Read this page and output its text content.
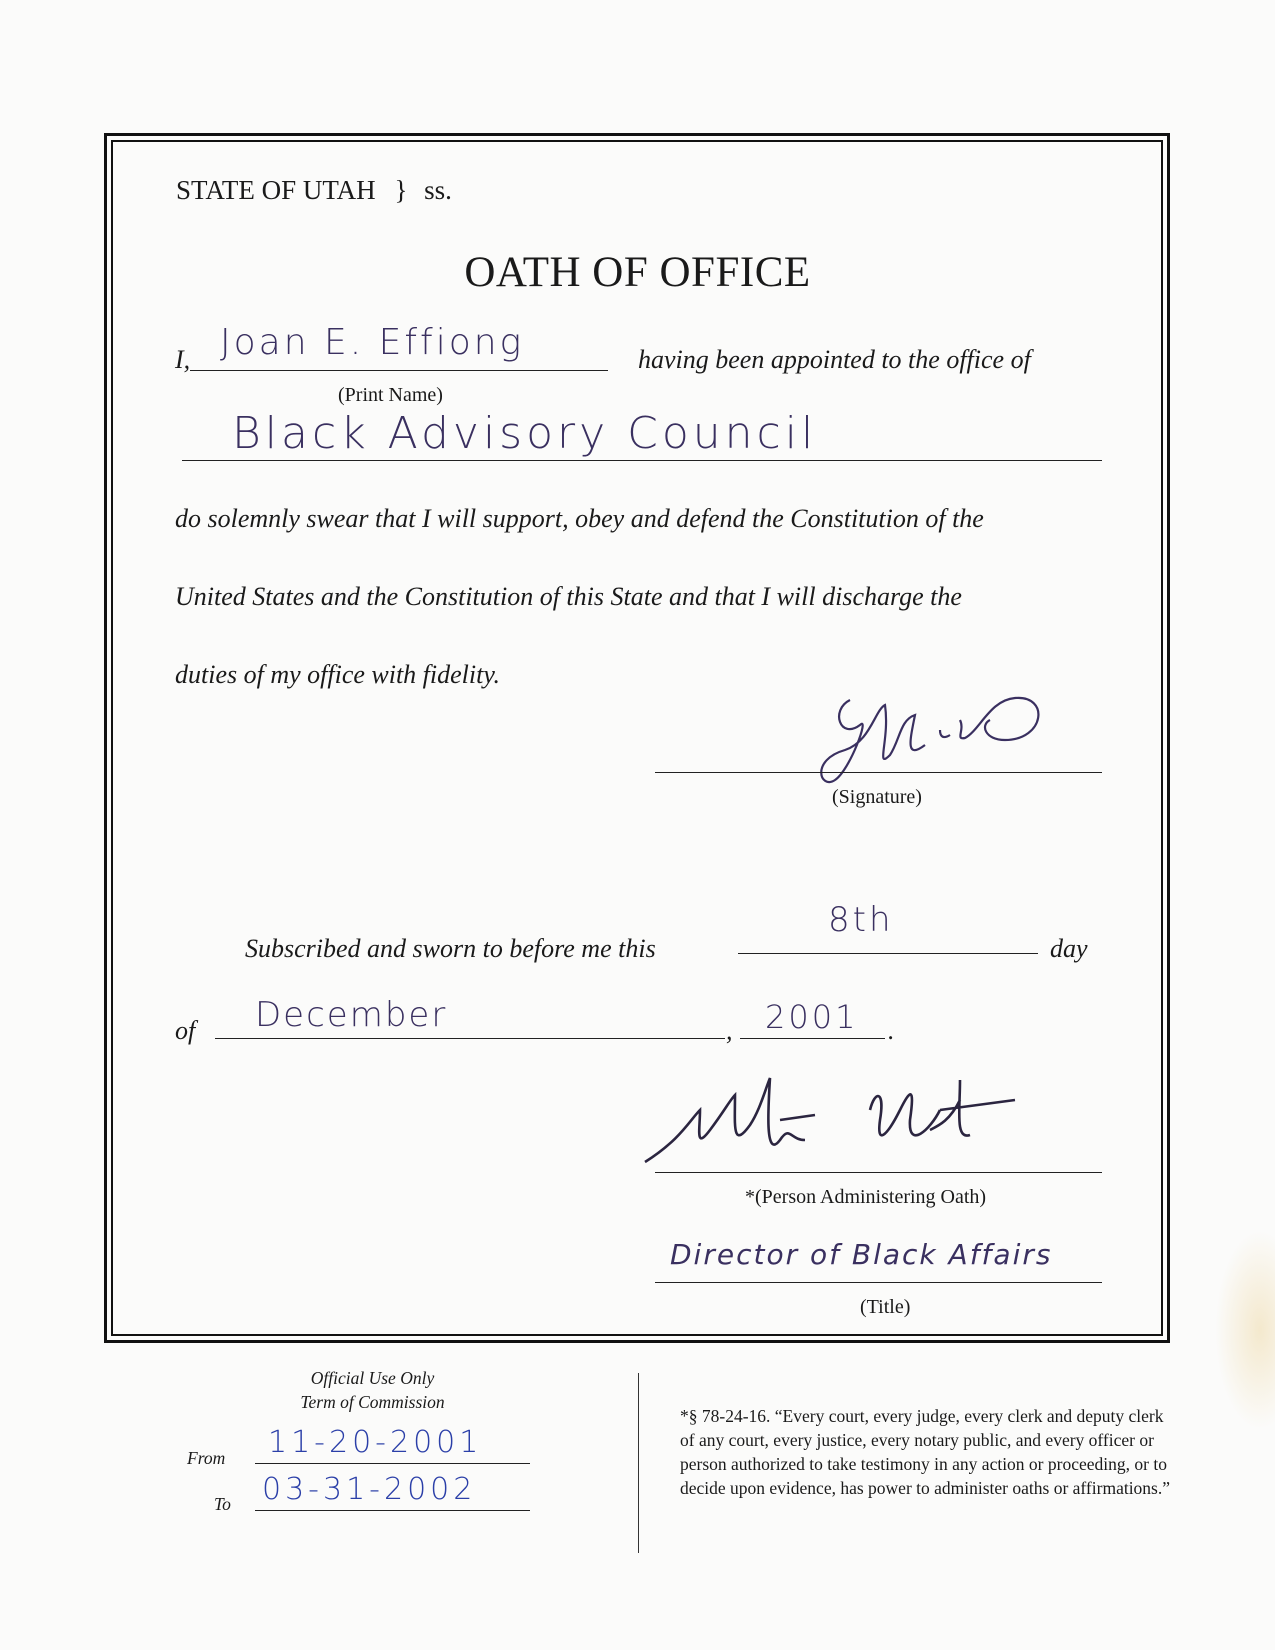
STATE OF UTAH } ss.
OATH OF OFFICE
I, Joan E. Effiong
(Print Name)
having been appointed to the office of
Black Advisory Council
do solemnly swear that I will support, obey and defend the Constitution of the
United States and the Constitution of this State and that I will discharge the
duties of my office with fidelity.
(Signature)
Subscribed and sworn to before me this
8th
day
of December	, 2001 .
*(Person Administering Oath)
Director of Black Affairs
(Title)
Official Use Only
Term of Commission
From 11-20-2001
To 03-31-2002
*§ 78-24-16. “Every court, every judge, every clerk and deputy clerk of any court, every justice, every notary public, and every officer or person authorized to take testimony in any action or proceeding, or to decide upon evidence, has power to administer oaths or affirmations.”
